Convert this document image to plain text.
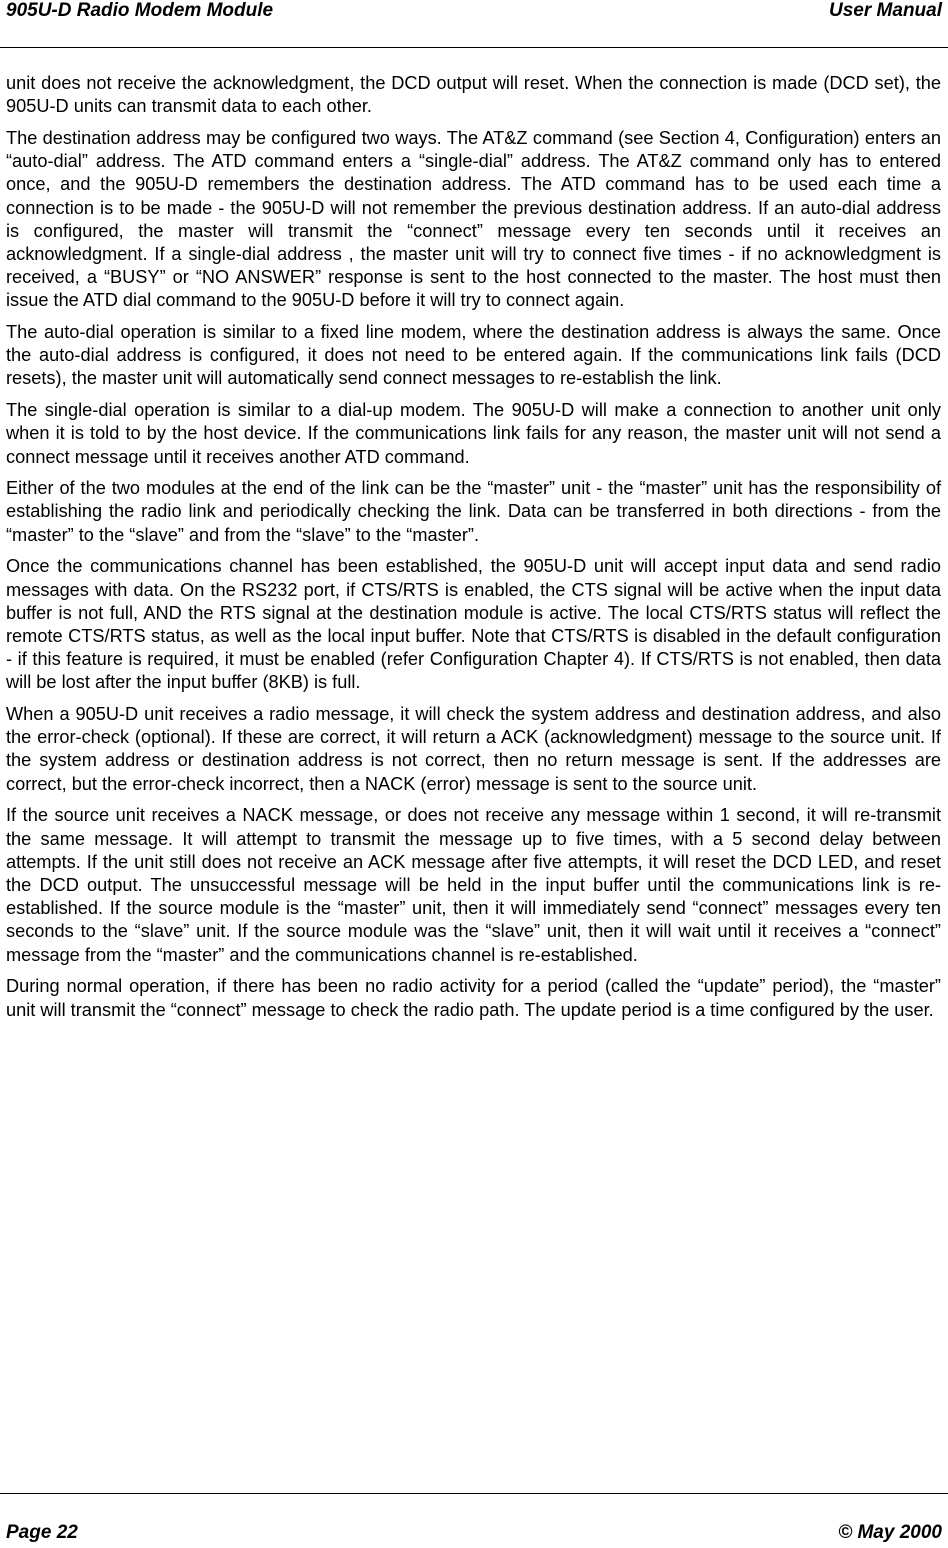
905U-D Radio Modem Module	User Manual

unit does not receive the acknowledgment, the DCD output will reset. When the connection is made (DCD set), the 905U-D units can transmit data to each other.

The destination address may be configured two ways. The AT&Z command (see Section 4, Configuration) enters an “auto-dial” address. The ATD command enters a “single-dial” address. The AT&Z command only has to entered once, and the 905U-D remembers the destination address. The ATD command has to be used each time a connection is to be made - the 905U-D will not remember the previous destination address. If an auto-dial address is configured, the master will transmit the “connect” message every ten seconds until it receives an acknowledgment. If a single-dial address , the master unit will try to connect five times - if no acknowledgment is received, a “BUSY” or “NO ANSWER” response is sent to the host connected to the master. The host must then issue the ATD dial command to the 905U-D before it will try to connect again.

The auto-dial operation is similar to a fixed line modem, where the destination address is always the same. Once the auto-dial address is configured, it does not need to be entered again. If the communications link fails (DCD resets), the master unit will automatically send connect messages to re-establish the link.

The single-dial operation is similar to a dial-up modem. The 905U-D will make a connection to another unit only when it is told to by the host device. If the communications link fails for any reason, the master unit will not send a connect message until it receives another ATD command.

Either of the two modules at the end of the link can be the “master” unit - the “master” unit has the responsibility of establishing the radio link and periodically checking the link. Data can be transferred in both directions - from the “master” to the “slave” and from the “slave” to the “master”.

Once the communications channel has been established, the 905U-D unit will accept input data and send radio messages with data. On the RS232 port, if CTS/RTS is enabled, the CTS signal will be active when the input data buffer is not full, AND the RTS signal at the destination module is active. The local CTS/RTS status will reflect the remote CTS/RTS status, as well as the local input buffer. Note that CTS/RTS is disabled in the default configuration - if this feature is required, it must be enabled (refer Configuration Chapter 4). If CTS/RTS is not enabled, then data will be lost after the input buffer (8KB) is full.

When a 905U-D unit receives a radio message, it will check the system address and destination address, and also the error-check (optional). If these are correct, it will return a ACK (acknowledgment) message to the source unit. If the system address or destination address is not correct, then no return message is sent. If the addresses are correct, but the error-check incorrect, then a NACK (error) message is sent to the source unit.

If the source unit receives a NACK message, or does not receive any message within 1 second, it will re-transmit the same message. It will attempt to transmit the message up to five times, with a 5 second delay between attempts. If the unit still does not receive an ACK message after five attempts, it will reset the DCD LED, and reset the DCD output. The unsuccessful message will be held in the input buffer until the communications link is re-established. If the source module is the “master” unit, then it will immediately send “connect” messages every ten seconds to the “slave” unit. If the source module was the “slave” unit, then it will wait until it receives a “connect” message from the “master” and the communications channel is re-established.

During normal operation, if there has been no radio activity for a period (called the “update” period), the “master” unit will transmit the “connect” message to check the radio path. The update period is a time configured by the user.

Page 22	© May 2000
